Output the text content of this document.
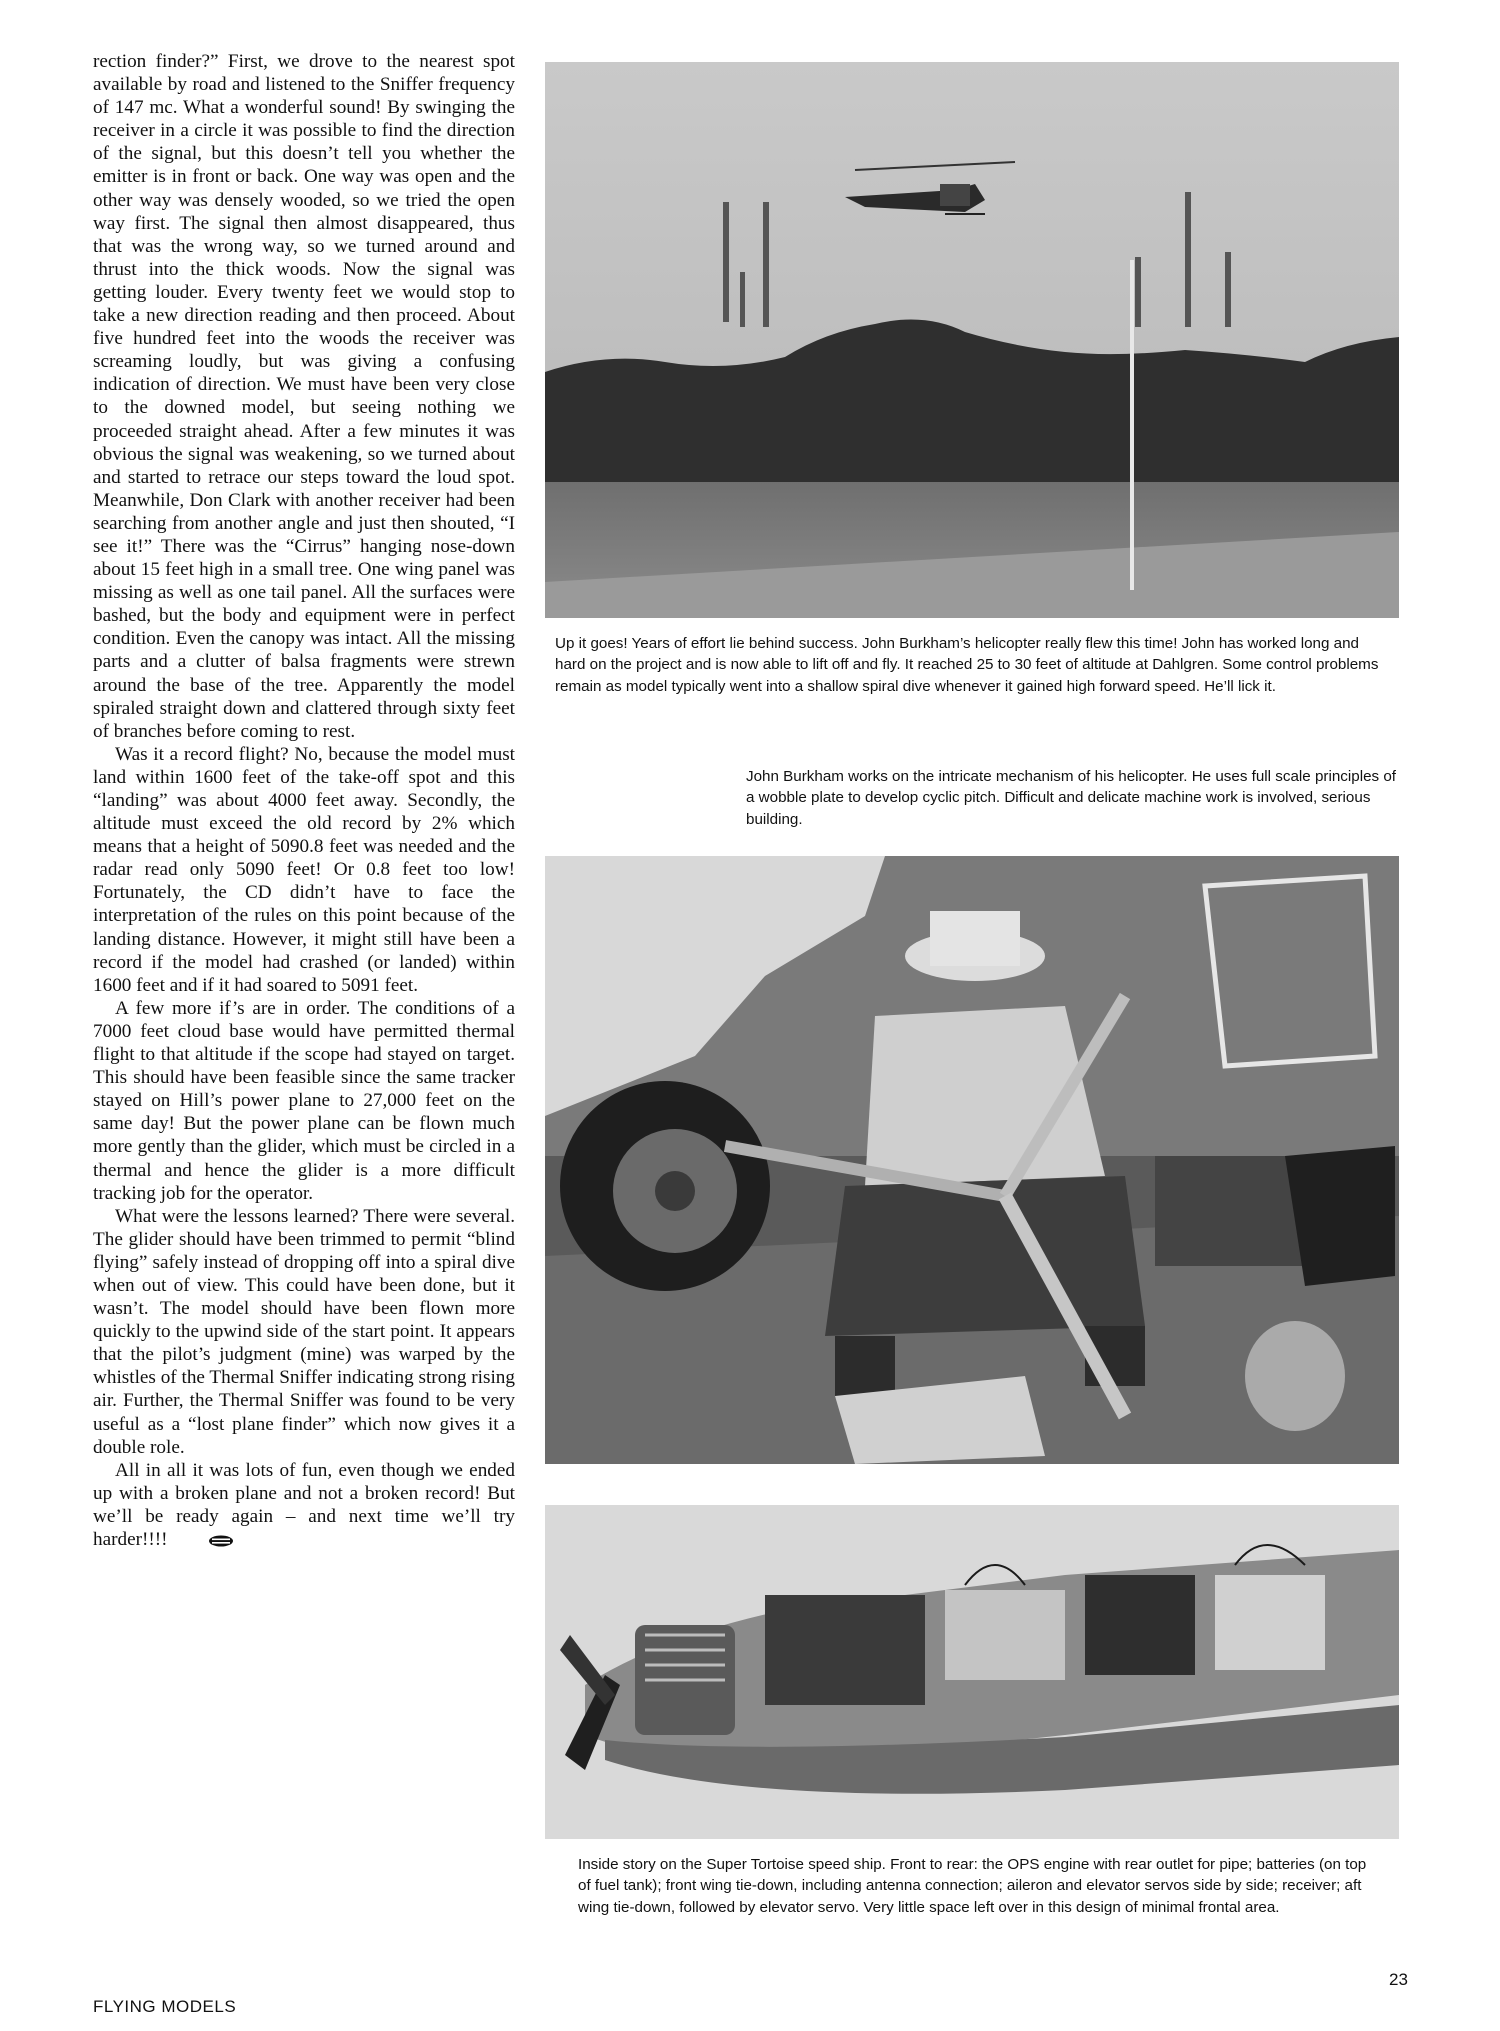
rection finder?” First, we drove to the nearest spot available by road and listened to the Sniffer frequency of 147 mc. What a wonderful sound! By swinging the receiver in a circle it was possible to find the direction of the signal, but this doesn’t tell you whether the emitter is in front or back. One way was open and the other way was densely wooded, so we tried the open way first. The signal then almost disappeared, thus that was the wrong way, so we turned around and thrust into the thick woods. Now the signal was getting louder. Every twenty feet we would stop to take a new direction reading and then proceed. About five hundred feet into the woods the receiver was screaming loudly, but was giving a confusing indication of direction. We must have been very close to the downed model, but seeing nothing we proceeded straight ahead. After a few minutes it was obvious the signal was weakening, so we turned about and started to retrace our steps toward the loud spot. Meanwhile, Don Clark with another receiver had been searching from another angle and just then shouted, “I see it!” There was the “Cirrus” hanging nose-down about 15 feet high in a small tree. One wing panel was missing as well as one tail panel. All the surfaces were bashed, but the body and equipment were in perfect condition. Even the canopy was intact. All the missing parts and a clutter of balsa fragments were strewn around the base of the tree. Apparently the model spiraled straight down and clattered through sixty feet of branches before coming to rest.

Was it a record flight? No, because the model must land within 1600 feet of the take-off spot and this “landing” was about 4000 feet away. Secondly, the altitude must exceed the old record by 2% which means that a height of 5090.8 feet was needed and the radar read only 5090 feet! Or 0.8 feet too low! Fortunately, the CD didn’t have to face the interpretation of the rules on this point because of the landing distance. However, it might still have been a record if the model had crashed (or landed) within 1600 feet and if it had soared to 5091 feet.

A few more if’s are in order. The conditions of a 7000 feet cloud base would have permitted thermal flight to that altitude if the scope had stayed on target. This should have been feasible since the same tracker stayed on Hill’s power plane to 27,000 feet on the same day! But the power plane can be flown much more gently than the glider, which must be circled in a thermal and hence the glider is a more difficult tracking job for the operator.

What were the lessons learned? There were several. The glider should have been trimmed to permit “blind flying” safely instead of dropping off into a spiral dive when out of view. This could have been done, but it wasn’t. The model should have been flown more quickly to the upwind side of the start point. It appears that the pilot’s judgment (mine) was warped by the whistles of the Thermal Sniffer indicating strong rising air. Further, the Thermal Sniffer was found to be very useful as a “lost plane finder” which now gives it a double role.

All in all it was lots of fun, even though we ended up with a broken plane and not a broken record! But we’ll be ready again – and next time we’ll try harder!!!!

Up it goes! Years of effort lie behind success. John Burkham’s helicopter really flew this time! John has worked long and hard on the project and is now able to lift off and fly. It reached 25 to 30 feet of altitude at Dahlgren. Some control problems remain as model typically went into a shallow spiral dive whenever it gained high forward speed. He’ll lick it.
John Burkham works on the intricate mechanism of his helicopter. He uses full scale principles of a wobble plate to develop cyclic pitch. Difficult and delicate machine work is involved, serious building.
Inside story on the Super Tortoise speed ship. Front to rear: the OPS engine with rear outlet for pipe; batteries (on top of fuel tank); front wing tie-down, including antenna connection; aileron and elevator servos side by side; receiver; aft wing tie-down, followed by elevator servo. Very little space left over in this design of minimal frontal area.
FLYING MODELS
23
